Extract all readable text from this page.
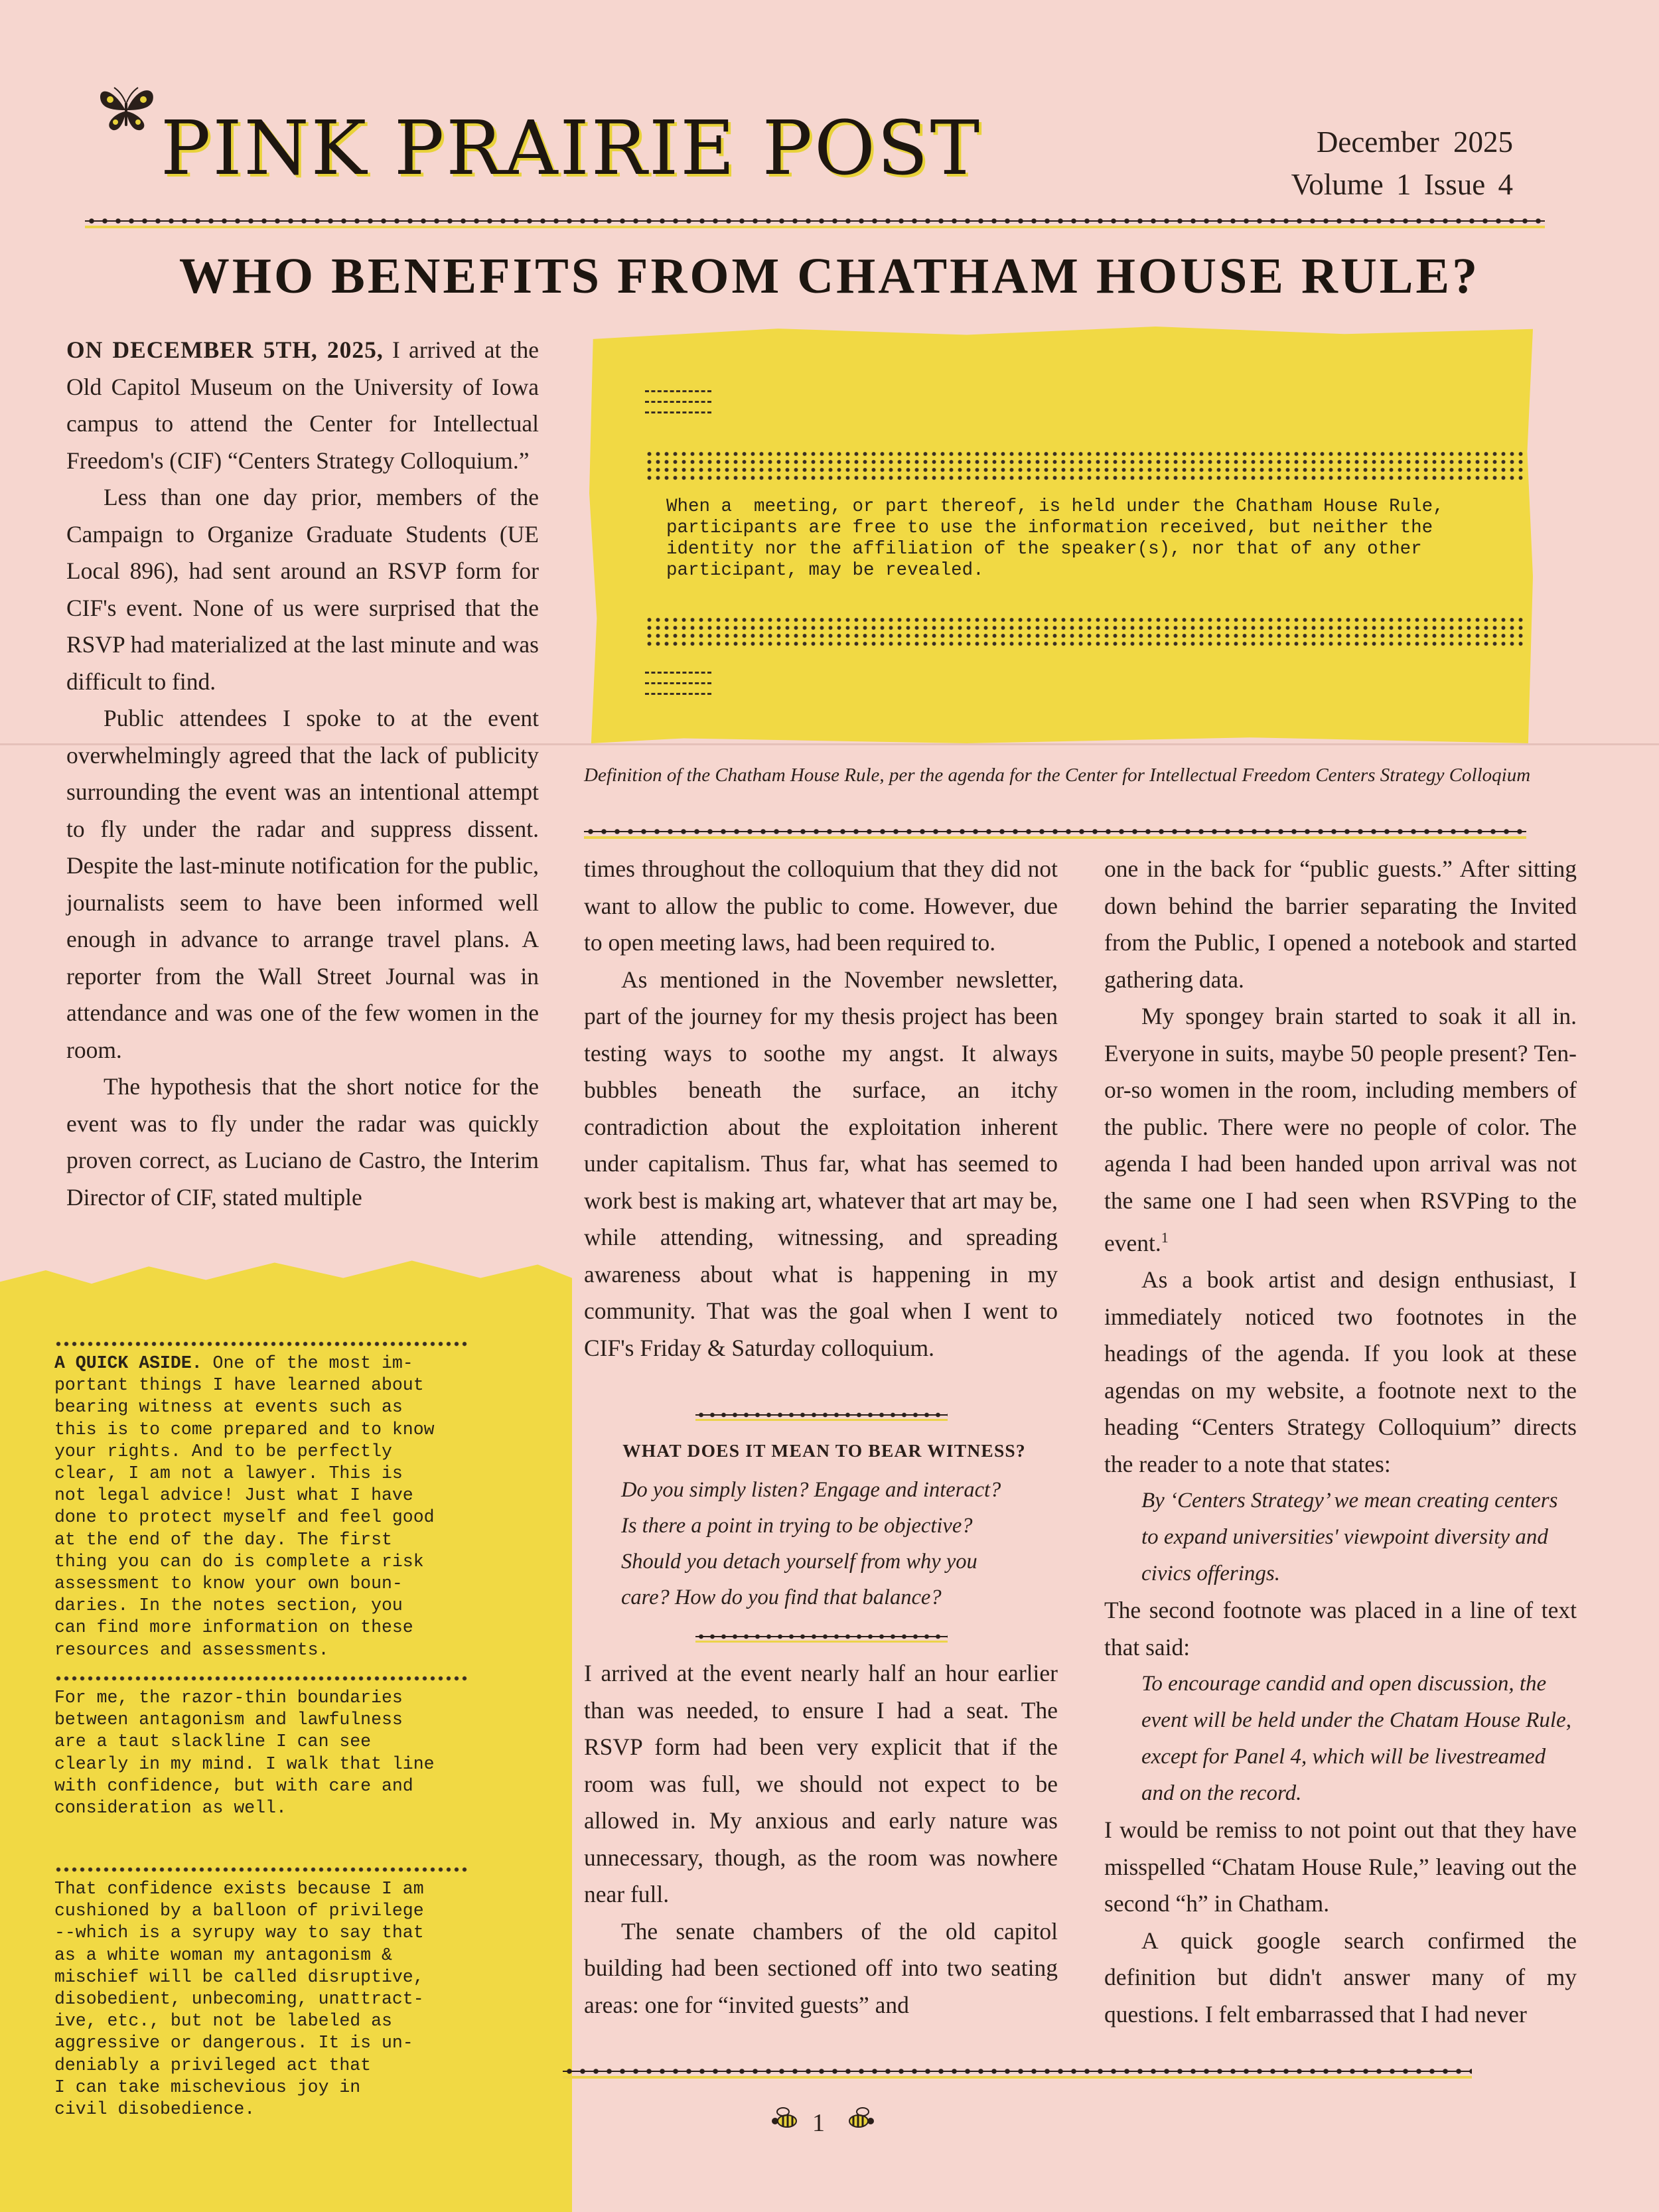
PINK PRAIRIE POST	December 2025
Volume 1 Issue 4
WHO BENEFITS FROM CHATHAM HOUSE RULE?

ON DECEMBER 5TH, 2025, I arrived at the Old Capitol Museum on the University of Iowa campus to attend the Center for Intellectual Freedom's (CIF) “Centers Strategy Colloquium.”

Less than one day prior, members of the Campaign to Organize Graduate Students (UE Local 896), had sent around an RSVP form for CIF's event. None of us were surprised that the RSVP had materialized at the last minute and was difficult to find.

Public attendees I spoke to at the event overwhelmingly agreed that the lack of publicity surrounding the event was an intentional attempt to fly under the radar and suppress dissent. Despite the last-minute notification for the public, journalists seem to have been informed well enough in advance to arrange travel plans. A reporter from the Wall Street Journal was in attendance and was one of the few women in the room.

The hypothesis that the short notice for the event was to fly under the radar was quickly proven correct, as Luciano de Castro, the Interim Director of CIF, stated multiple

When a  meeting, or part thereof, is held under the Chatham House Rule,
participants are free to use the information received, but neither the
identity nor the affiliation of the speaker(s), nor that of any other
participant, may be revealed.

Definition of the Chatham House Rule, per the agenda for the Center for Intellectual Freedom Centers Strategy Colloqium

times throughout the colloquium that they did not want to allow the public to come. However, due to open meeting laws, had been required to.

As mentioned in the November newsletter, part of the journey for my thesis project has been testing ways to soothe my angst. It always bubbles beneath the surface, an itchy contradiction about the exploitation inherent under capitalism. Thus far, what has seemed to work best is making art, whatever that art may be, while attending, witnessing, and spreading awareness about what is happening in my community. That was the goal when I went to CIF's Friday & Saturday colloquium.

WHAT DOES IT MEAN TO BEAR WITNESS?

Do you simply listen? Engage and interact?
Is there a point in trying to be objective?
Should you detach yourself from why you
care? How do you find that balance?

I arrived at the event nearly half an hour earlier than was needed, to ensure I had a seat. The RSVP form had been very explicit that if the room was full, we should not expect to be allowed in. My anxious and early nature was unnecessary, though, as the room was nowhere near full.

The senate chambers of the old capitol building had been sectioned off into two seating areas: one for “invited guests” and

one in the back for “public guests.” After sitting down behind the barrier separating the Invited from the Public, I opened a notebook and started gathering data.

My spongey brain started to soak it all in. Everyone in suits, maybe 50 people present? Ten-or-so women in the room, including members of the public. There were no people of color. The agenda I had been handed upon arrival was not the same one I had seen when RSVPing to the event.$^1$

As a book artist and design enthusiast, I immediately noticed two footnotes in the headings of the agenda. If you look at these agendas on my website, a footnote next to the heading “Centers Strategy Colloquium” directs the reader to a note that states:

By ‘Centers Strategy’ we mean creating centers to expand universities' viewpoint diversity and civics offerings.

The second footnote was placed in a line of text that said:

To encourage candid and open discussion, the event will be held under the Chatam House Rule, except for Panel 4, which will be livestreamed and on the record.

I would be remiss to not point out that they have misspelled “Chatam House Rule,” leaving out the second “h” in Chatham.

A quick google search confirmed the definition but didn't answer many of my questions. I felt embarrassed that I had never

A QUICK ASIDE. One of the most im-
portant things I have learned about
bearing witness at events such as
this is to come prepared and to know
your rights. And to be perfectly
clear, I am not a lawyer. This is
not legal advice! Just what I have
done to protect myself and feel good
at the end of the day. The first
thing you can do is complete a risk
assessment to know your own boun-
daries. In the notes section, you
can find more information on these
resources and assessments.
For me, the razor-thin boundaries
between antagonism and lawfulness
are a taut slackline I can see
clearly in my mind. I walk that line
with confidence, but with care and
consideration as well.
That confidence exists because I am
cushioned by a balloon of privilege
--which is a syrupy way to say that
as a white woman my antagonism &
mischief will be called disruptive,
disobedient, unbecoming, unattract-
ive, etc., but not be labeled as
aggressive or dangerous. It is un-
deniably a privileged act that
I can take mischevious joy in
civil disobedience.	1
